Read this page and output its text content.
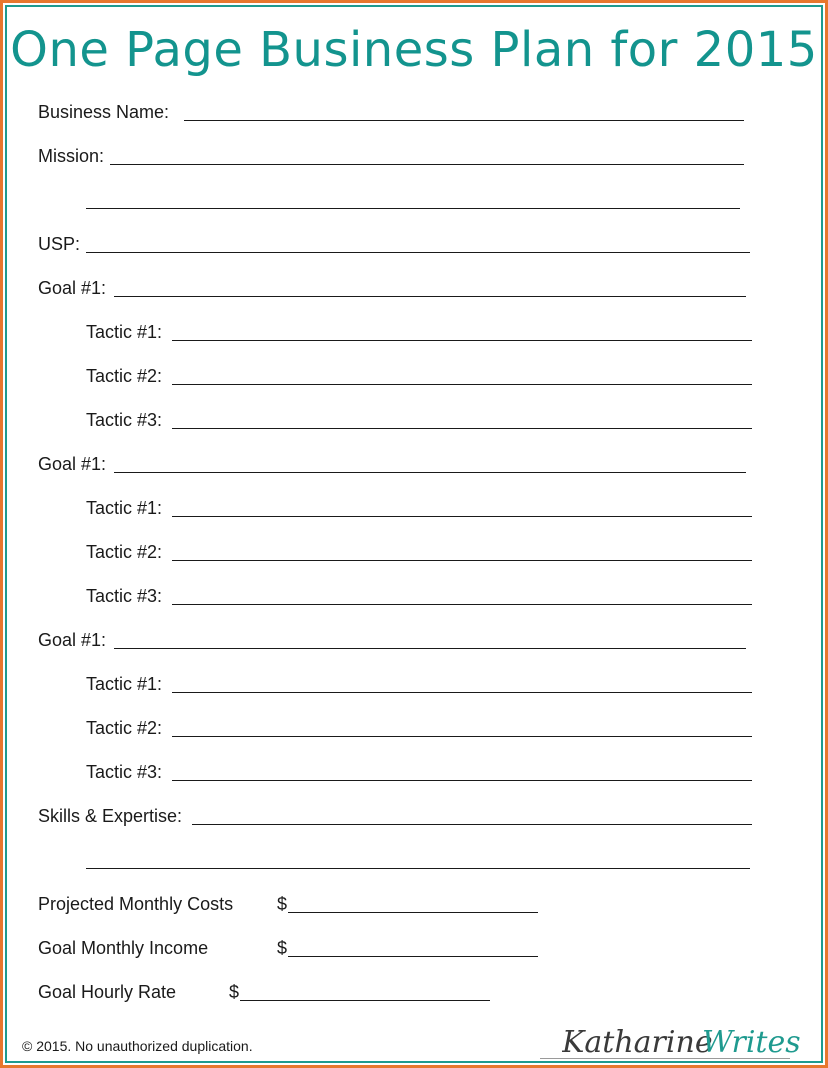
One Page Business Plan for 2015
Business Name:
Mission:
USP:
Goal #1:
Tactic #1:
Tactic #2:
Tactic #3:
Goal #1:
Tactic #1:
Tactic #2:
Tactic #3:
Goal #1:
Tactic #1:
Tactic #2:
Tactic #3:
Skills & Expertise:
Projected Monthly Costs $
Goal Monthly Income	$
Goal Hourly Rate	$
© 2015. No unauthorized duplication.	Katharine
Writes
